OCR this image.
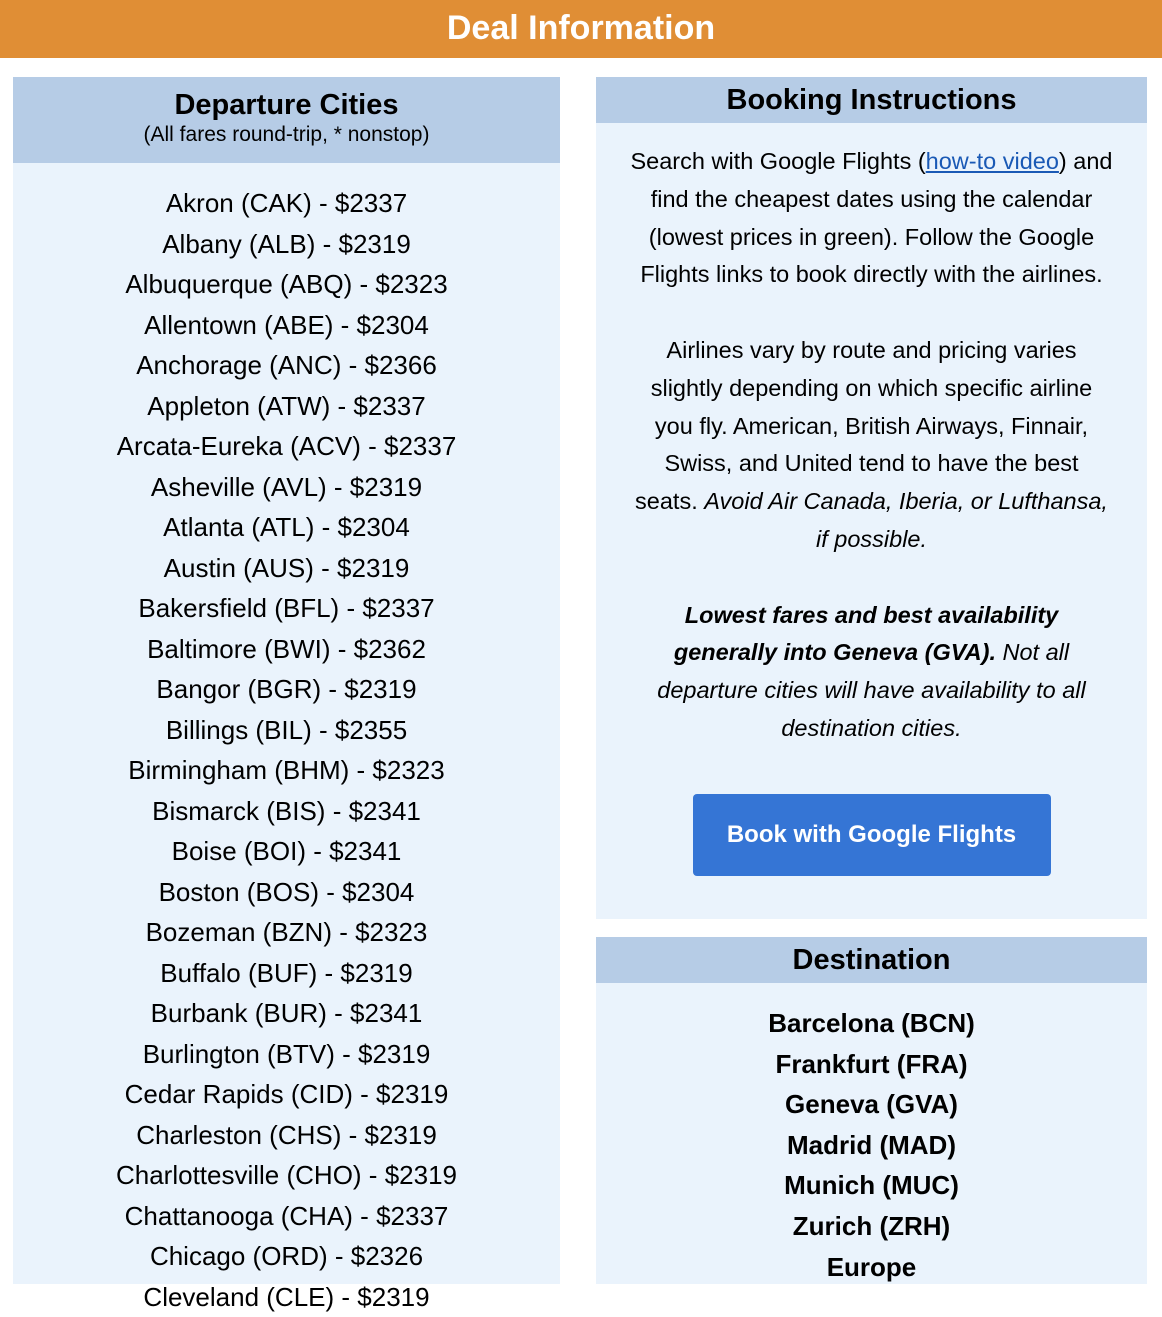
Deal Information
Departure Cities
(All fares round-trip, * nonstop)
Akron (CAK) - $2337
Albany (ALB) - $2319
Albuquerque (ABQ) - $2323
Allentown (ABE) - $2304
Anchorage (ANC) - $2366
Appleton (ATW) - $2337
Arcata-Eureka (ACV) - $2337
Asheville (AVL) - $2319
Atlanta (ATL) - $2304
Austin (AUS) - $2319
Bakersfield (BFL) - $2337
Baltimore (BWI) - $2362
Bangor (BGR) - $2319
Billings (BIL) - $2355
Birmingham (BHM) - $2323
Bismarck (BIS) - $2341
Boise (BOI) - $2341
Boston (BOS) - $2304
Bozeman (BZN) - $2323
Buffalo (BUF) - $2319
Burbank (BUR) - $2341
Burlington (BTV) - $2319
Cedar Rapids (CID) - $2319
Charleston (CHS) - $2319
Charlottesville (CHO) - $2319
Chattanooga (CHA) - $2337
Chicago (ORD) - $2326
Cleveland (CLE) - $2319
Booking Instructions

Search with Google Flights (how-to video) and find the cheapest dates using the calendar (lowest prices in green). Follow the Google Flights links to book directly with the airlines.

Airlines vary by route and pricing varies slightly depending on which specific airline you fly. American, British Airways, Finnair, Swiss, and United tend to have the best seats. Avoid Air Canada, Iberia, or Lufthansa, if possible.

Lowest fares and best availability generally into Geneva (GVA). Not all departure cities will have availability to all destination cities.

Book with Google Flights
Destination
Barcelona (BCN)
Frankfurt (FRA)
Geneva (GVA)
Madrid (MAD)
Munich (MUC)
Zurich (ZRH)
Europe
